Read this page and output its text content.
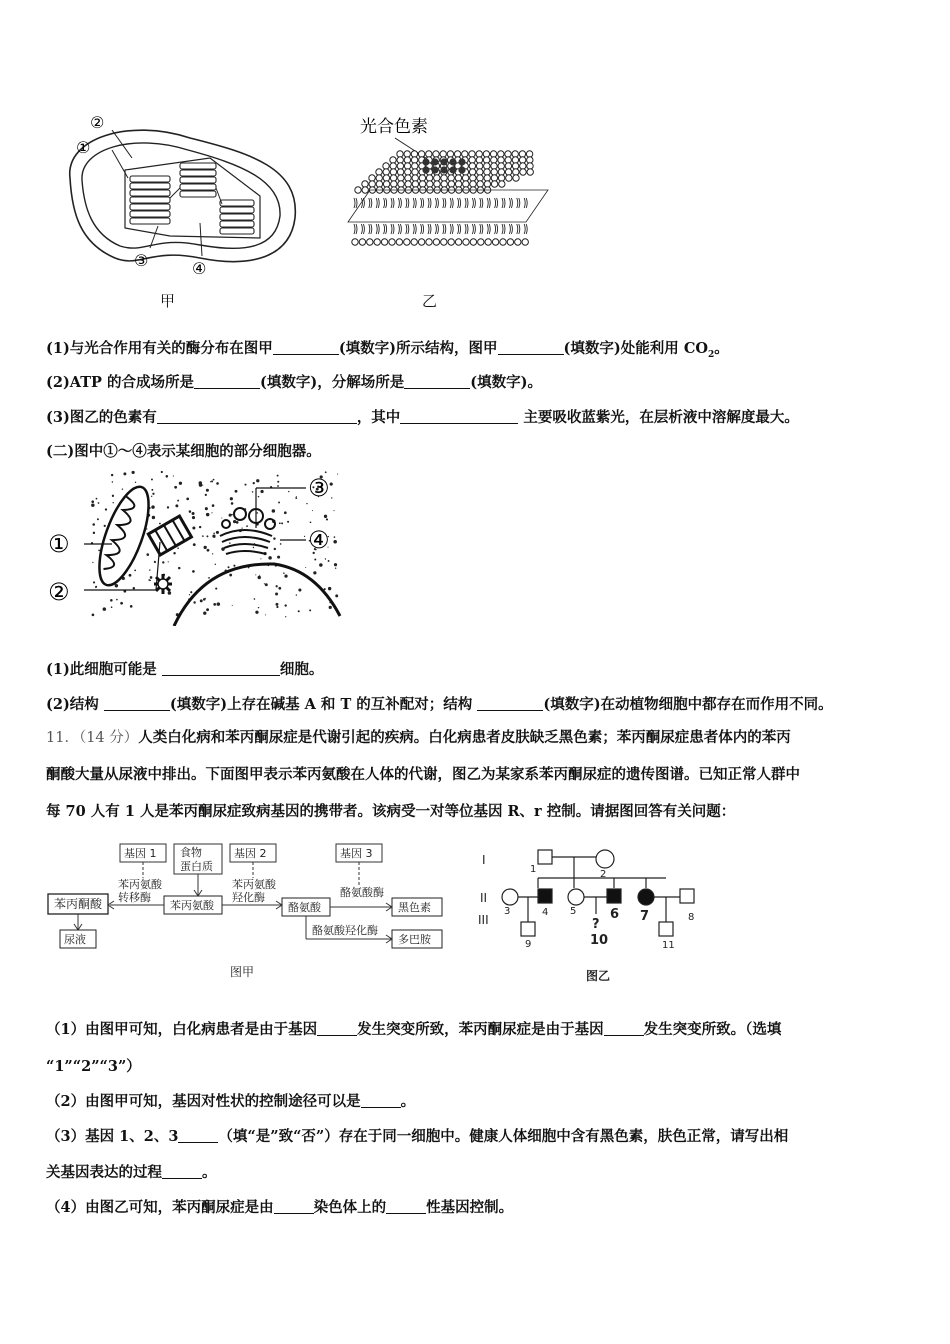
②
①
③	④
甲
光合色素
乙
(1)与光合作用有关的酶分布在图甲	(填数字)所示结构，图甲	(填数字)处能利用 $CO_2$。
(2)ATP 的合成场所是	(填数字)，分解场所是	(填数字)。
(3)图乙的色素有	，其中	主要吸收蓝紫光，在层析液中溶解度最大。
(二)图中①～④表示某细胞的部分细胞器。
①
②
③
④
(1)此细胞可能是	细胞。
(2)结构	(填数字)上存在碱基 A 和 T 的互补配对；结构	(填数字)在动植物细胞中都存在而作用不同。
11．（14 分）人类白化病和苯丙酮尿症是代谢引起的疾病。白化病患者皮肤缺乏黑色素；苯丙酮尿症患者体内的苯丙
酮酸大量从尿液中排出。下面图甲表示苯丙氨酸在人体的代谢，图乙为某家系苯丙酮尿症的遗传图谱。已知正常人群中
每 70 人有 1 人是苯丙酮尿症致病基因的携带者。该病受一对等位基因 R、r 控制。请据图回答有关问题：
基因 1 食物
蛋白质
基因 2	基因 3
苯丙氨酸
转移酶
苯丙氨酸
羟化酶	酪氨酸酶
酪氨酸羟化酶
苯丙酮酸
尿液
苯丙氨酸	酪氨酸	黑色素
多巴胺
图甲
I
II
III
1	2
3	4 5	6 7	8
9	10	11
?
图乙
（1）由图甲可知，白化病患者是由于基因	发生突变所致，苯丙酮尿症是由于基因	发生突变所致。（选填
“1”“2”“3”）
（2）由图甲可知，基因对性状的控制途径可以是	。
（3）基因 1、2、3	（填“是”致“否”）存在于同一细胞中。健康人体细胞中含有黑色素，肤色正常，请写出相
关基因表达的过程	。
（4）由图乙可知，苯丙酮尿症是由	染色体上的	性基因控制。
